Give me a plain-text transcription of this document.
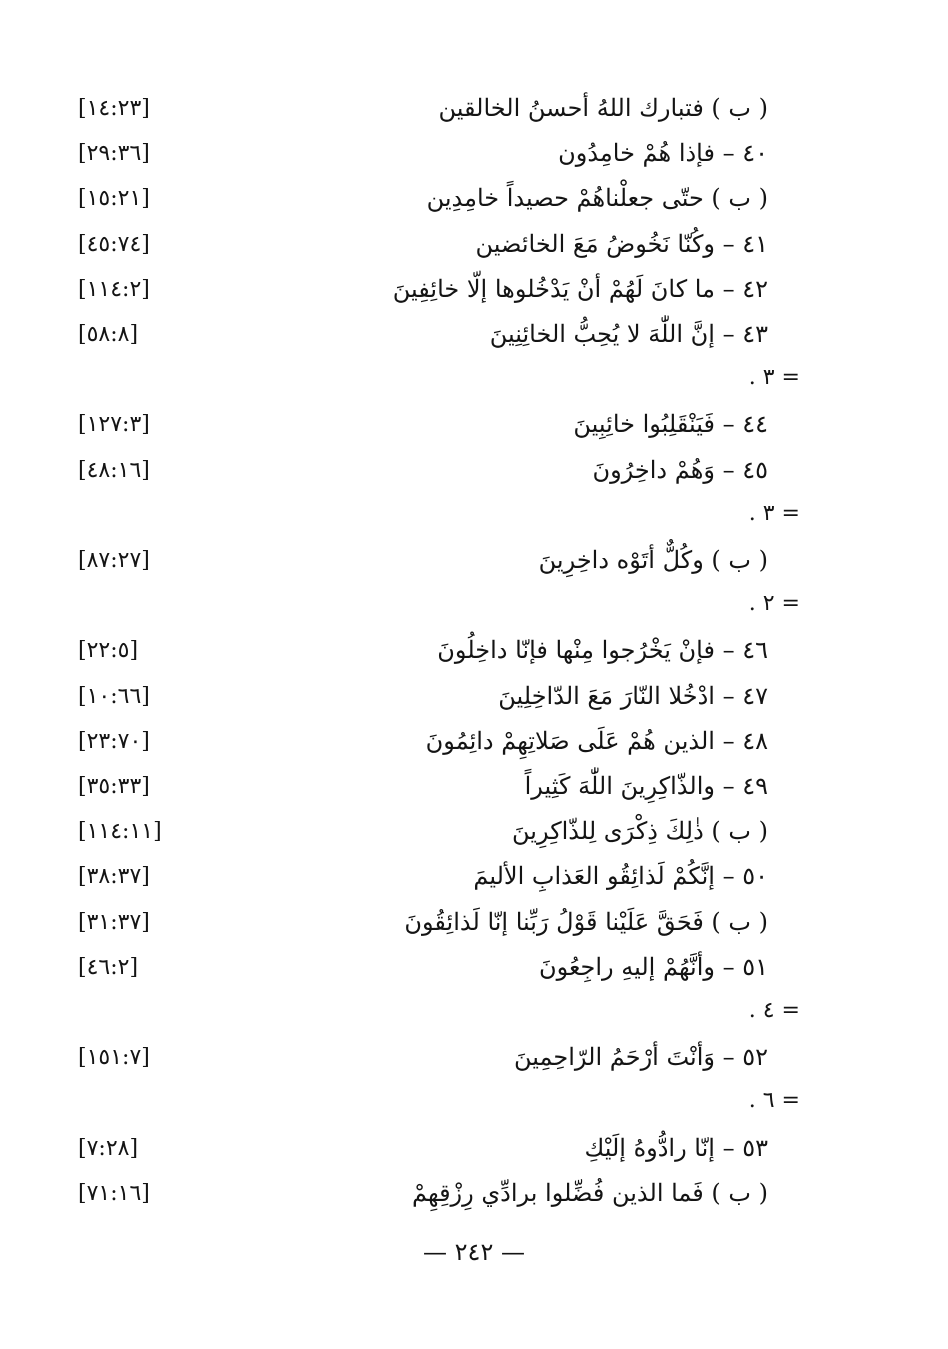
( ب ) فتبارك اللهُ أحسنُ الخالقين
[١٤:٢٣]
٤٠ – فإذا هُمْ خامِدُون
[٢٩:٣٦]
( ب ) حتّى جعلْناهُمْ حصيداً خامِدِين
[١٥:٢١]
٤١ – وكُنّا نَخُوضُ مَعَ الخائضين
[٤٥:٧٤]
٤٢ – ما كانَ لَهُمْ أنْ يَدْخُلوها إلّا خائِفِينَ
[١١٤:٢]
٤٣ – إنَّ اللّٰهَ لا يُحِبُّ الخائِنِينَ
[٥٨:٨]
= ٣ .
٤٤ – فَيَنْقَلِبُوا خائِبِينَ
[١٢٧:٣]
٤٥ – وَهُمْ داخِرُونَ
[٤٨:١٦]
= ٣ .
( ب ) وكُلٌّ أتَوْه داخِرِينَ
[٨٧:٢٧]
= ٢ .
٤٦ – فإنْ يَخْرُجوا مِنْها فإنّا داخِلُونَ
[٢٢:٥]
٤٧ – ادْخُلا النّارَ مَعَ الدّاخِلِينَ
[١٠:٦٦]
٤٨ – الذين هُمْ عَلَى صَلاتِهِمْ دائِمُونَ
[٢٣:٧٠]
٤٩ – والذّاكِرِينَ اللّٰهَ كَثِيراً
[٣٥:٣٣]
( ب ) ذٰلِكَ ذِكْرَى لِلذّاكِرِينَ
[١١٤:١١]
٥٠ – إنَّكُمْ لَذائِقُو العَذابِ الأليمَ
[٣٨:٣٧]
( ب ) فَحَقَّ عَلَيْنا قَوْلُ رَبِّنا إنّا لَذائِقُونَ
[٣١:٣٧]
٥١ – وأنَّهُمْ إليهِ راجِعُونَ
[٤٦:٢]
= ٤ .
٥٢ – وَأنْتَ أرْحَمُ الرّاحِمِينَ
[١٥١:٧]
= ٦ .
٥٣ – إنّا رادُّوهُ إلَيْكِ
[٧:٢٨]
( ب ) فَما الذين فُضِّلوا برادِّي رِزْقِهِمْ
[٧١:١٦]
— ٢٤٢ —
